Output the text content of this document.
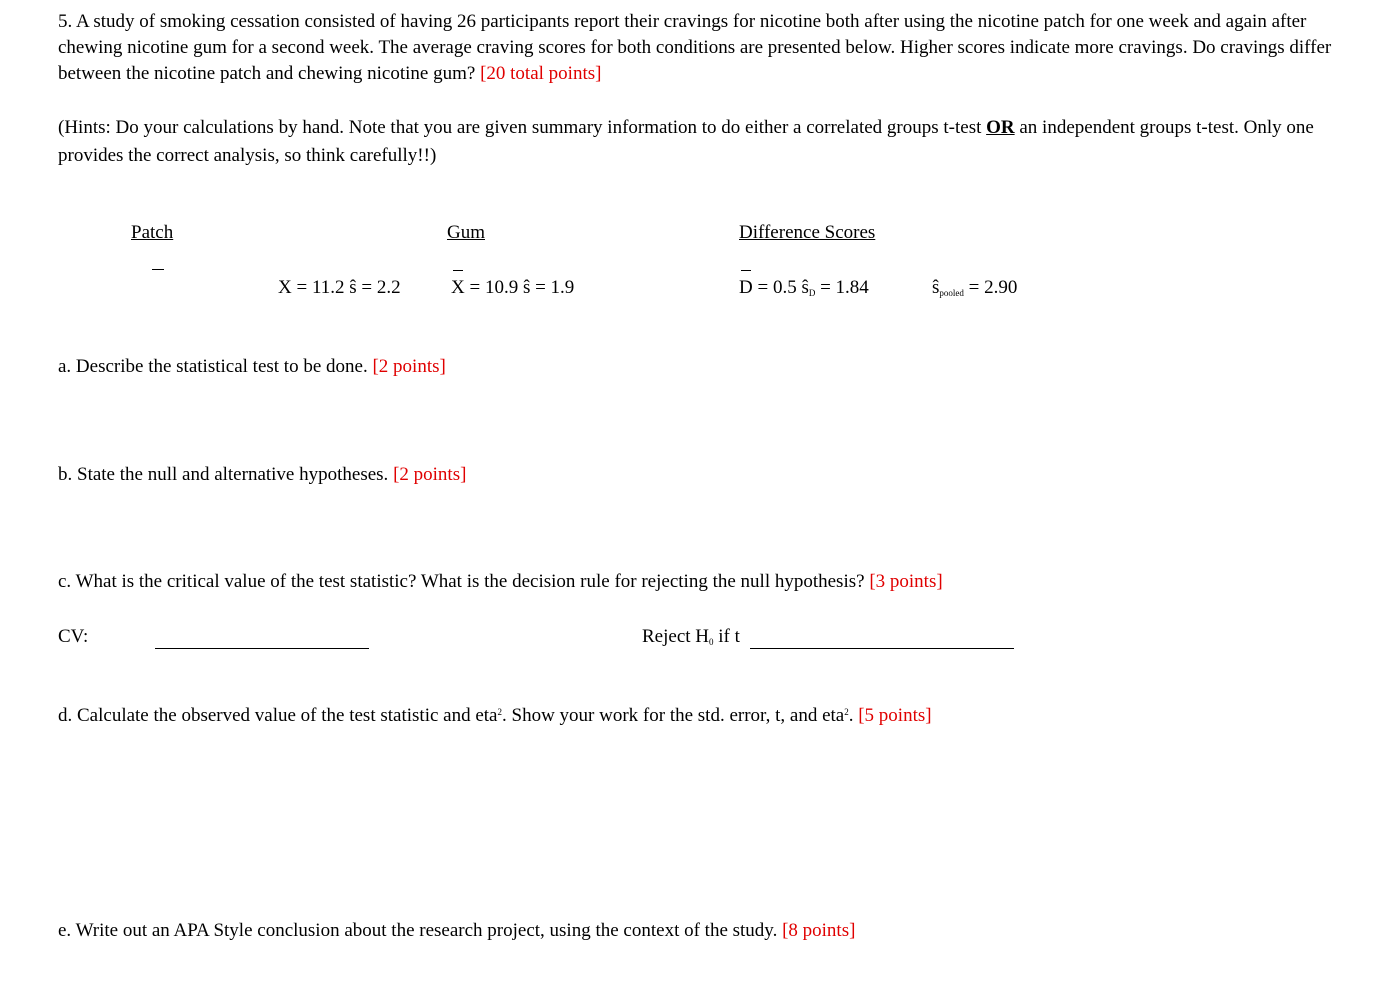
5. A study of smoking cessation consisted of having 26 participants report their cravings for nicotine both after using the nicotine patch for one week and again after chewing nicotine gum for a second week. The average craving scores for both conditions are presented below. Higher scores indicate more cravings. Do cravings differ between the nicotine patch and chewing nicotine gum? [20 total points]
(Hints: Do your calculations by hand. Note that you are given summary information to do either a correlated groups t-test OR an independent groups t-test. Only one provides the correct analysis, so think carefully!!)
Patch	Gum	Difference Scores
X = 11.2 ŝ = 2.2	X = 10.9 ŝ = 1.9	D = 0.5 $ŝ_D = 1.84$	$ŝ_{pooled} = 2.90$
a. Describe the statistical test to be done. [2 points]
b. State the null and alternative hypotheses. [2 points]
c. What is the critical value of the test statistic? What is the decision rule for rejecting the null hypothesis? [3 points]
CV:	Reject $H_0$ if t
d. Calculate the observed value of the test statistic and eta$^2$. Show your work for the std. error, t, and eta$^2$. [5 points]
e. Write out an APA Style conclusion about the research project, using the context of the study. [8 points]
